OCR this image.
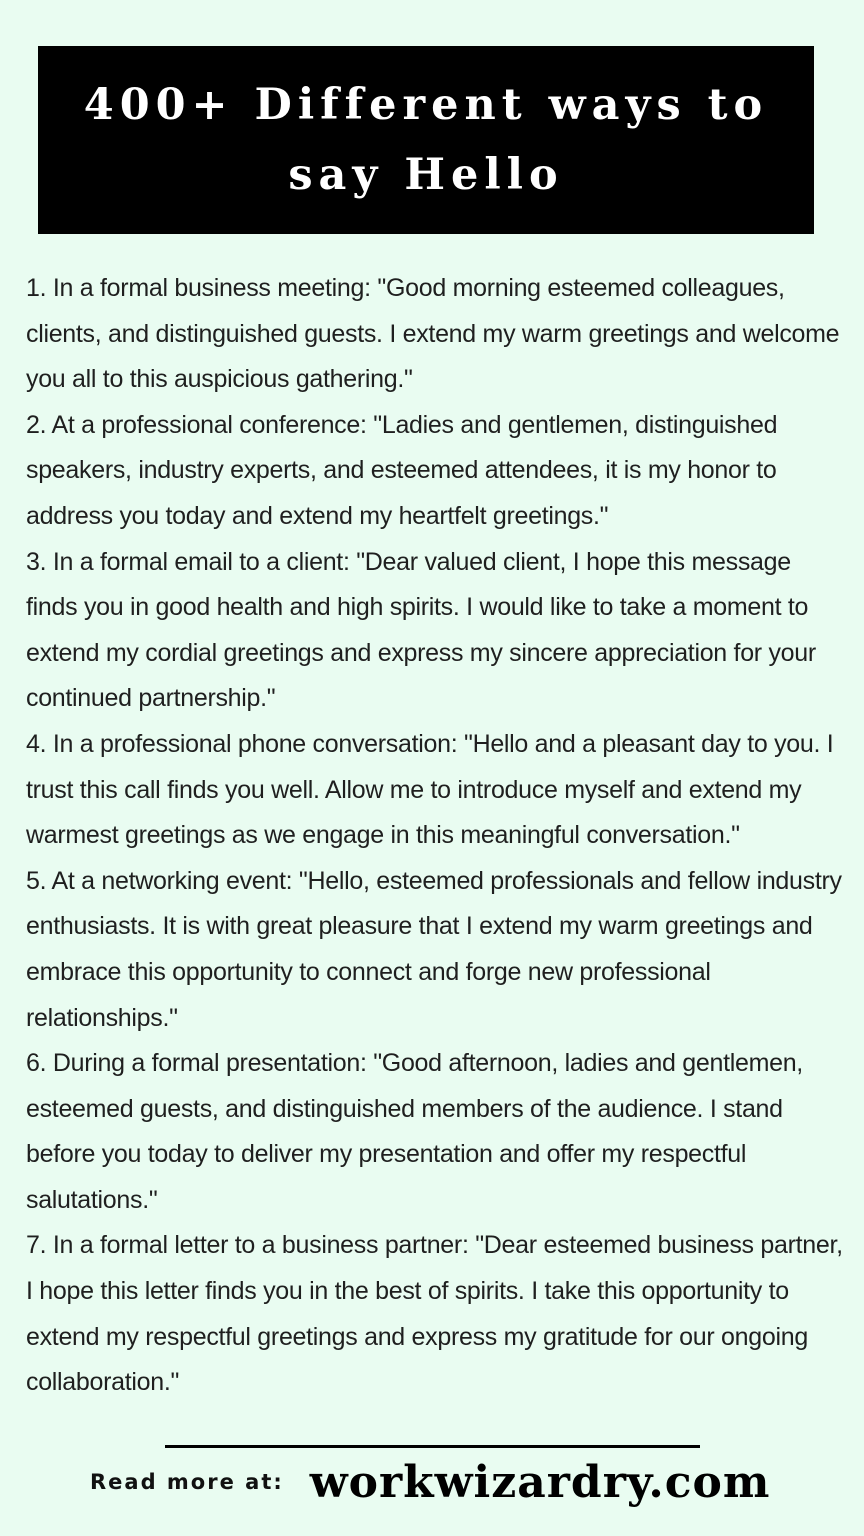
400+ Different ways to
say Hello
1. In a formal business meeting: "Good morning esteemed colleagues, clients, and distinguished guests. I extend my warm greetings and welcome you all to this auspicious gathering."
2. At a professional conference: "Ladies and gentlemen, distinguished speakers, industry experts, and esteemed attendees, it is my honor to address you today and extend my heartfelt greetings."
3. In a formal email to a client: "Dear valued client, I hope this message finds you in good health and high spirits. I would like to take a moment to extend my cordial greetings and express my sincere appreciation for your continued partnership."
4. In a professional phone conversation: "Hello and a pleasant day to you. I trust this call finds you well. Allow me to introduce myself and extend my warmest greetings as we engage in this meaningful conversation."
5. At a networking event: "Hello, esteemed professionals and fellow industry enthusiasts. It is with great pleasure that I extend my warm greetings and embrace this opportunity to connect and forge new professional relationships."
6. During a formal presentation: "Good afternoon, ladies and gentlemen, esteemed guests, and distinguished members of the audience. I stand before you today to deliver my presentation and offer my respectful salutations."
7. In a formal letter to a business partner: "Dear esteemed business partner, I hope this letter finds you in the best of spirits. I take this opportunity to extend my respectful greetings and express my gratitude for our ongoing collaboration."
Read more at: workwizardry.com
